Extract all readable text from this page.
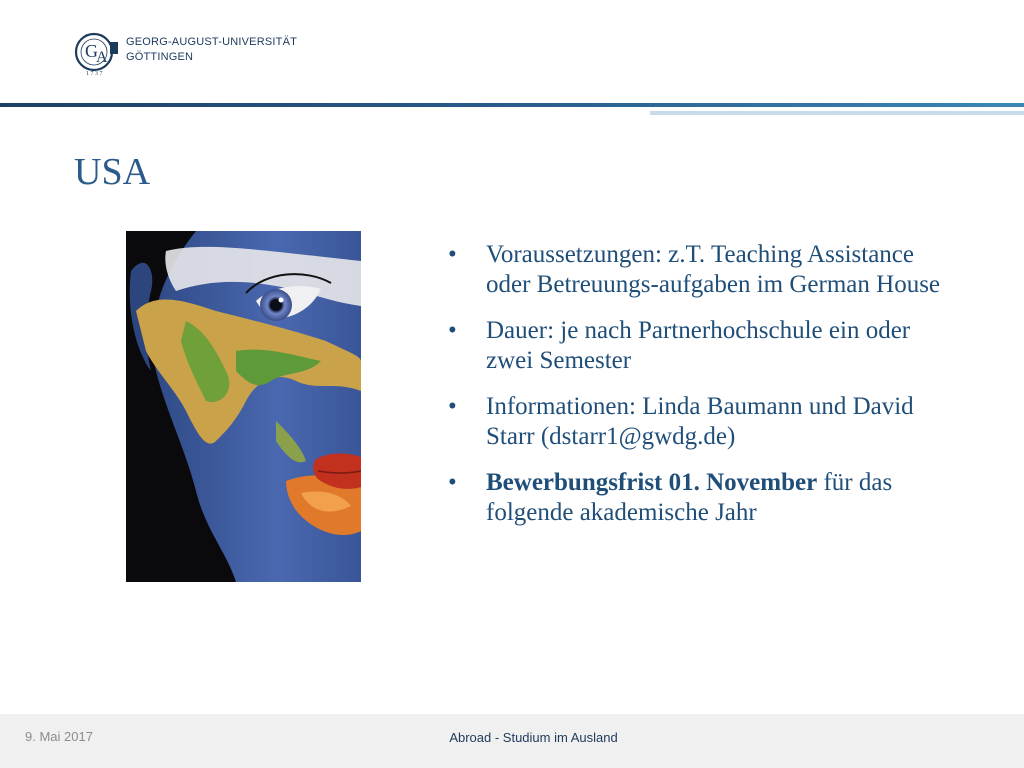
G
A
1 7 3 7
GEORG-AUGUST-UNIVERSITÄT
GÖTTINGEN
USA
• Voraussetzungen: z.T. Teaching Assistance oder Betreuungs-aufgaben im German House
• Dauer: je nach Partnerhochschule ein oder zwei Semester
• Informationen: Linda Baumann und David Starr (dstarr1@gwdg.de)
• Bewerbungsfrist 01. November für das folgende akademische Jahr
9. Mai 2017	Abroad - Studium im Ausland
